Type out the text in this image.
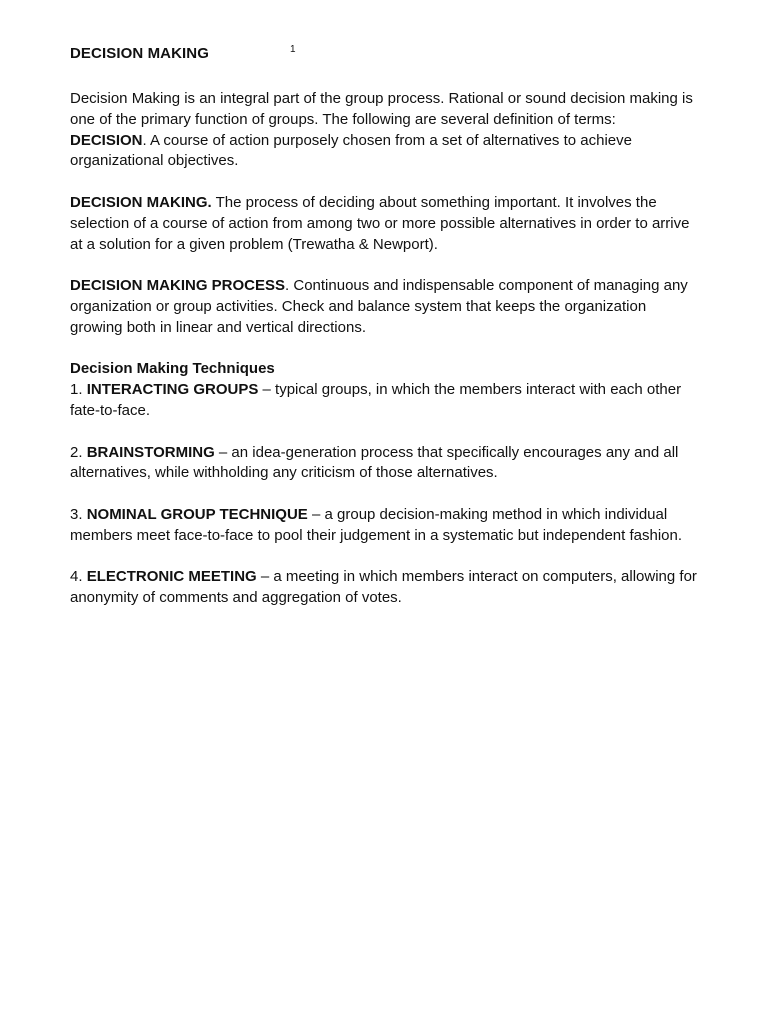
DECISION MAKING	1

Decision Making is an integral part of the group process. Rational or sound decision making is one of the primary function of groups. The following are several definition of terms:

DECISION. A course of action purposely chosen from a set of alternatives to achieve organizational objectives.

DECISION MAKING. The process of deciding about something important. It involves the selection of a course of action from among two or more possible alternatives in order to arrive at a solution for a given problem (Trewatha & Newport).

DECISION MAKING PROCESS. Continuous and indispensable component of managing any organization or group activities. Check and balance system that keeps the organization growing both in linear and vertical directions.

Decision Making Techniques
1. INTERACTING GROUPS – typical groups, in which the members interact with each other fate-to-face.

2. BRAINSTORMING – an idea-generation process that specifically encourages any and all alternatives, while withholding any criticism of those alternatives.

3. NOMINAL GROUP TECHNIQUE – a group decision-making method in which individual members meet face-to-face to pool their judgement in a systematic but independent fashion.

4. ELECTRONIC MEETING – a meeting in which members interact on computers, allowing for anonymity of comments and aggregation of votes.
